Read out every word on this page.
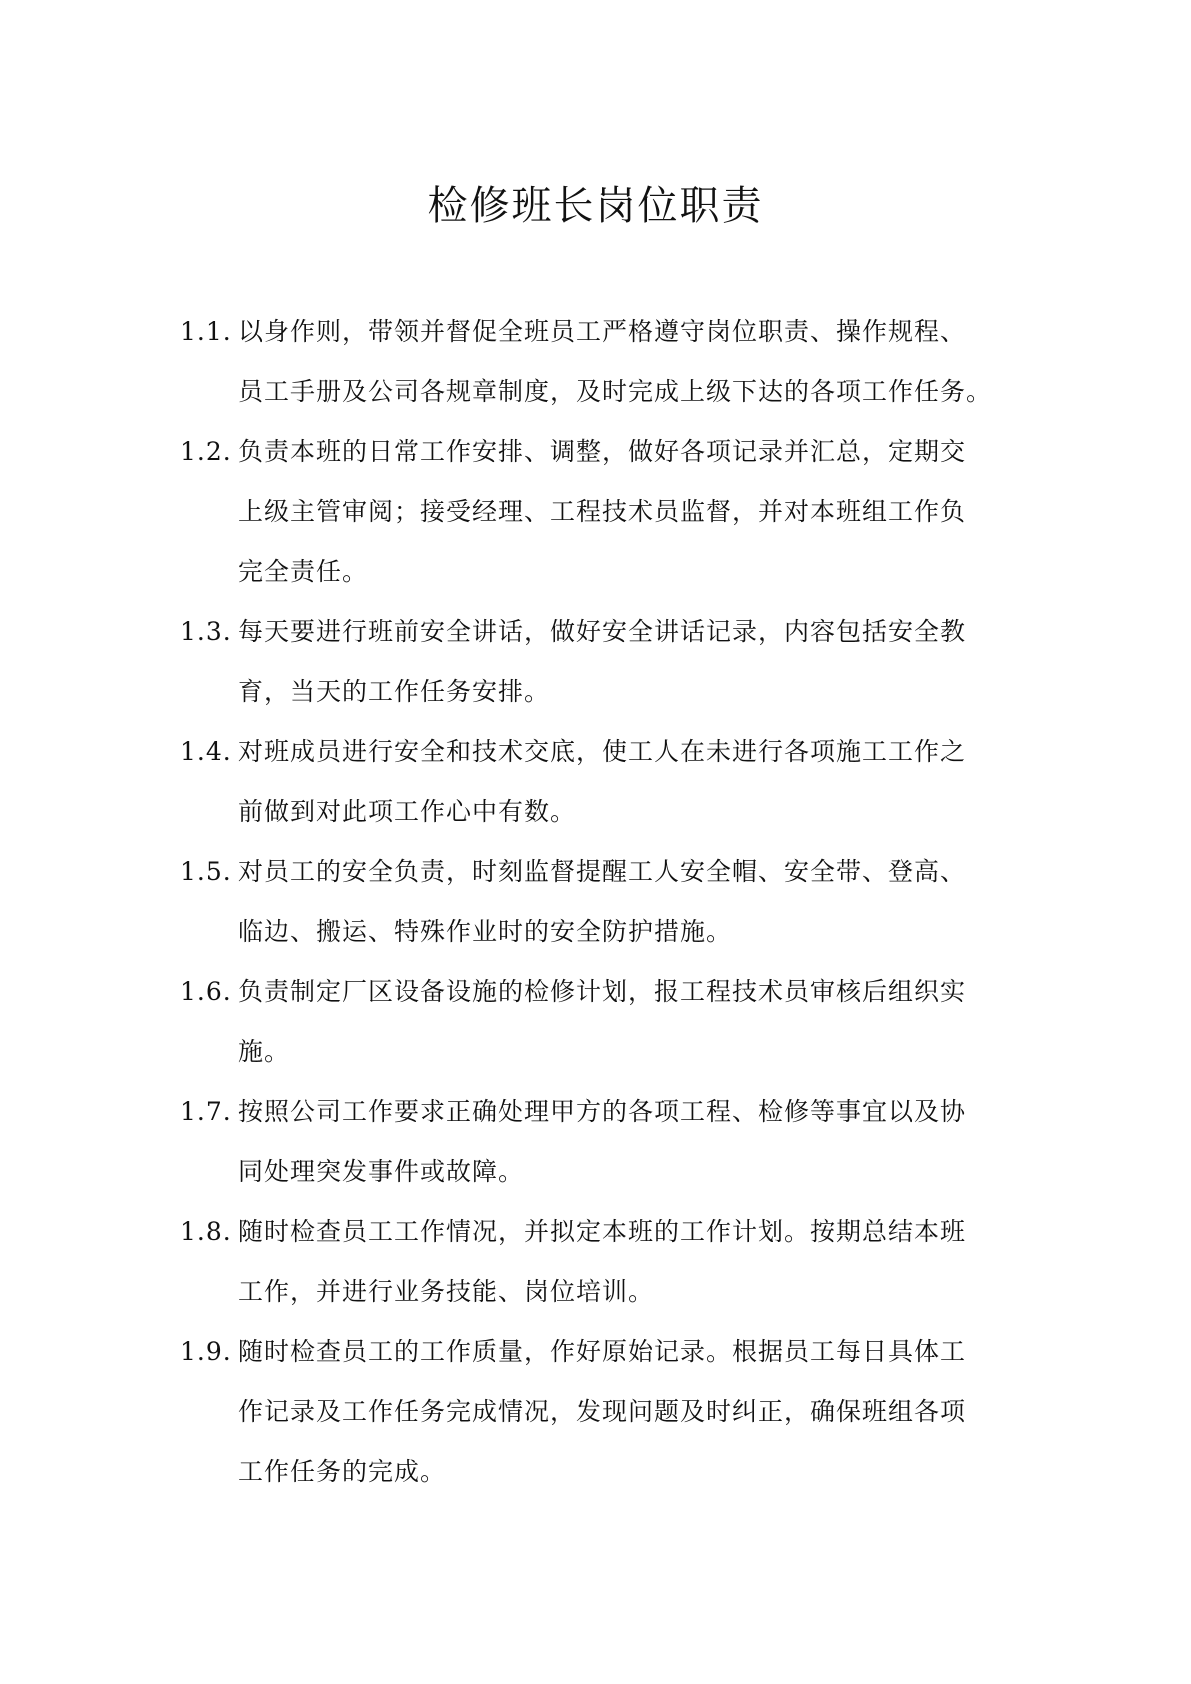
检修班长岗位职责
1.1. 以身作则，带领并督促全班员工严格遵守岗位职责、操作规程、
员工手册及公司各规章制度，及时完成上级下达的各项工作任务。
1.2. 负责本班的日常工作安排、调整，做好各项记录并汇总，定期交
上级主管审阅；接受经理、工程技术员监督，并对本班组工作负
完全责任。
1.3. 每天要进行班前安全讲话，做好安全讲话记录，内容包括安全教
育，当天的工作任务安排。
1.4. 对班成员进行安全和技术交底，使工人在未进行各项施工工作之
前做到对此项工作心中有数。
1.5. 对员工的安全负责，时刻监督提醒工人安全帽、安全带、登高、
临边、搬运、特殊作业时的安全防护措施。
1.6. 负责制定厂区设备设施的检修计划，报工程技术员审核后组织实
施。
1.7. 按照公司工作要求正确处理甲方的各项工程、检修等事宜以及协
同处理突发事件或故障。
1.8. 随时检查员工工作情况，并拟定本班的工作计划。按期总结本班
工作，并进行业务技能、岗位培训。
1.9. 随时检查员工的工作质量，作好原始记录。根据员工每日具体工
作记录及工作任务完成情况，发现问题及时纠正，确保班组各项
工作任务的完成。
